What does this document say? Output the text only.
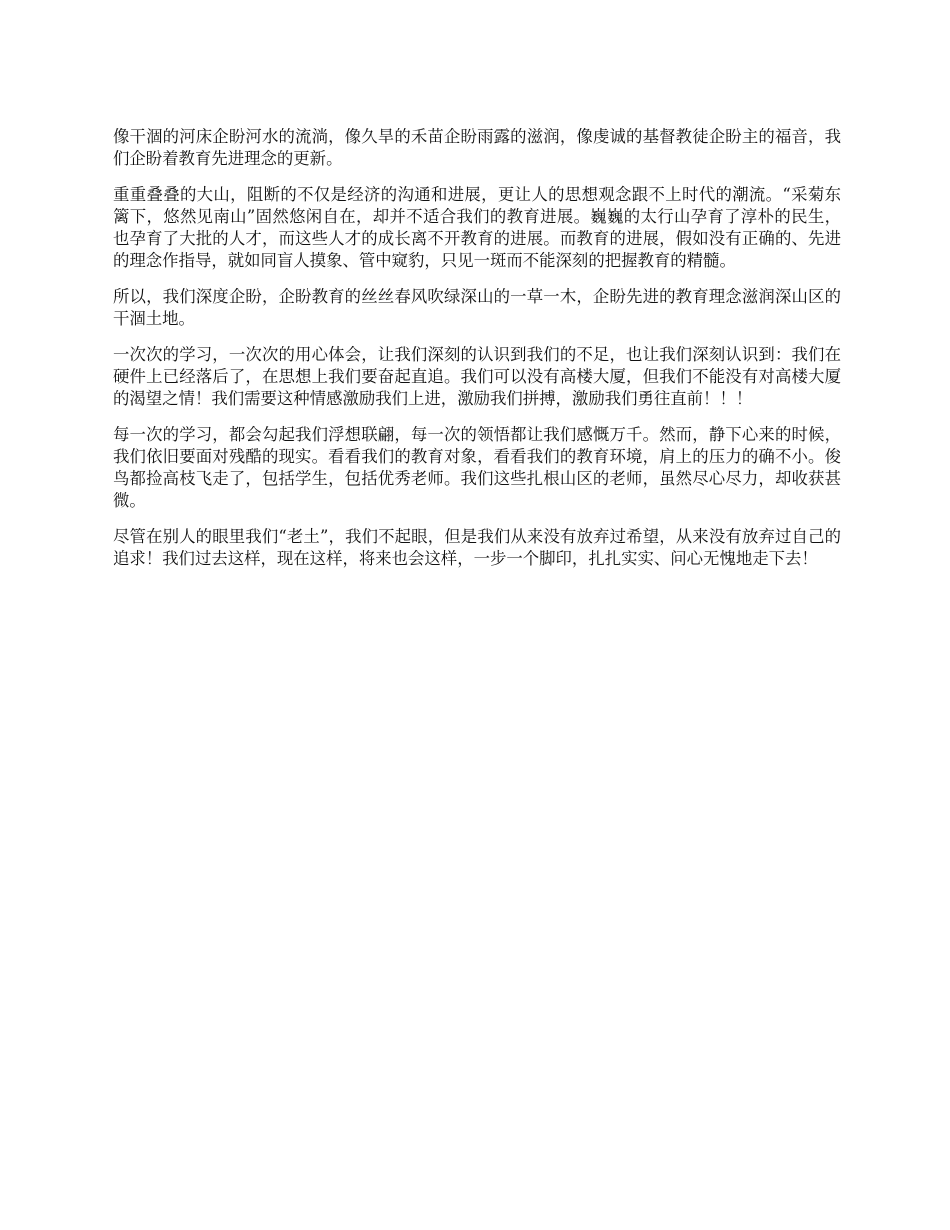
像干涸的河床企盼河水的流淌，像久旱的禾苗企盼雨露的滋润，像虔诚的基督教徒企盼主的福音，我们企盼着教育先进理念的更新。

重重叠叠的大山，阻断的不仅是经济的沟通和进展，更让人的思想观念跟不上时代的潮流。“采菊东篱下，悠然见南山”固然悠闲自在，却并不适合我们的教育进展。巍巍的太行山孕育了淳朴的民生，也孕育了大批的人才，而这些人才的成长离不开教育的进展。而教育的进展，假如没有正确的、先进的理念作指导，就如同盲人摸象、管中窥豹，只见一斑而不能深刻的把握教育的精髓。

所以，我们深度企盼，企盼教育的丝丝春风吹绿深山的一草一木，企盼先进的教育理念滋润深山区的干涸土地。

一次次的学习，一次次的用心体会，让我们深刻的认识到我们的不足，也让我们深刻认识到：我们在硬件上已经落后了，在思想上我们要奋起直追。我们可以没有高楼大厦，但我们不能没有对高楼大厦的渴望之情！我们需要这种情感激励我们上进，激励我们拼搏，激励我们勇往直前！！！

每一次的学习，都会勾起我们浮想联翩，每一次的领悟都让我们感慨万千。然而，静下心来的时候，我们依旧要面对残酷的现实。看看我们的教育对象，看看我们的教育环境，肩上的压力的确不小。俊鸟都捡高枝飞走了，包括学生，包括优秀老师。我们这些扎根山区的老师，虽然尽心尽力，却收获甚微。

尽管在别人的眼里我们“老土”，我们不起眼，但是我们从来没有放弃过希望，从来没有放弃过自己的追求！我们过去这样，现在这样，将来也会这样，一步一个脚印，扎扎实实、问心无愧地走下去！
